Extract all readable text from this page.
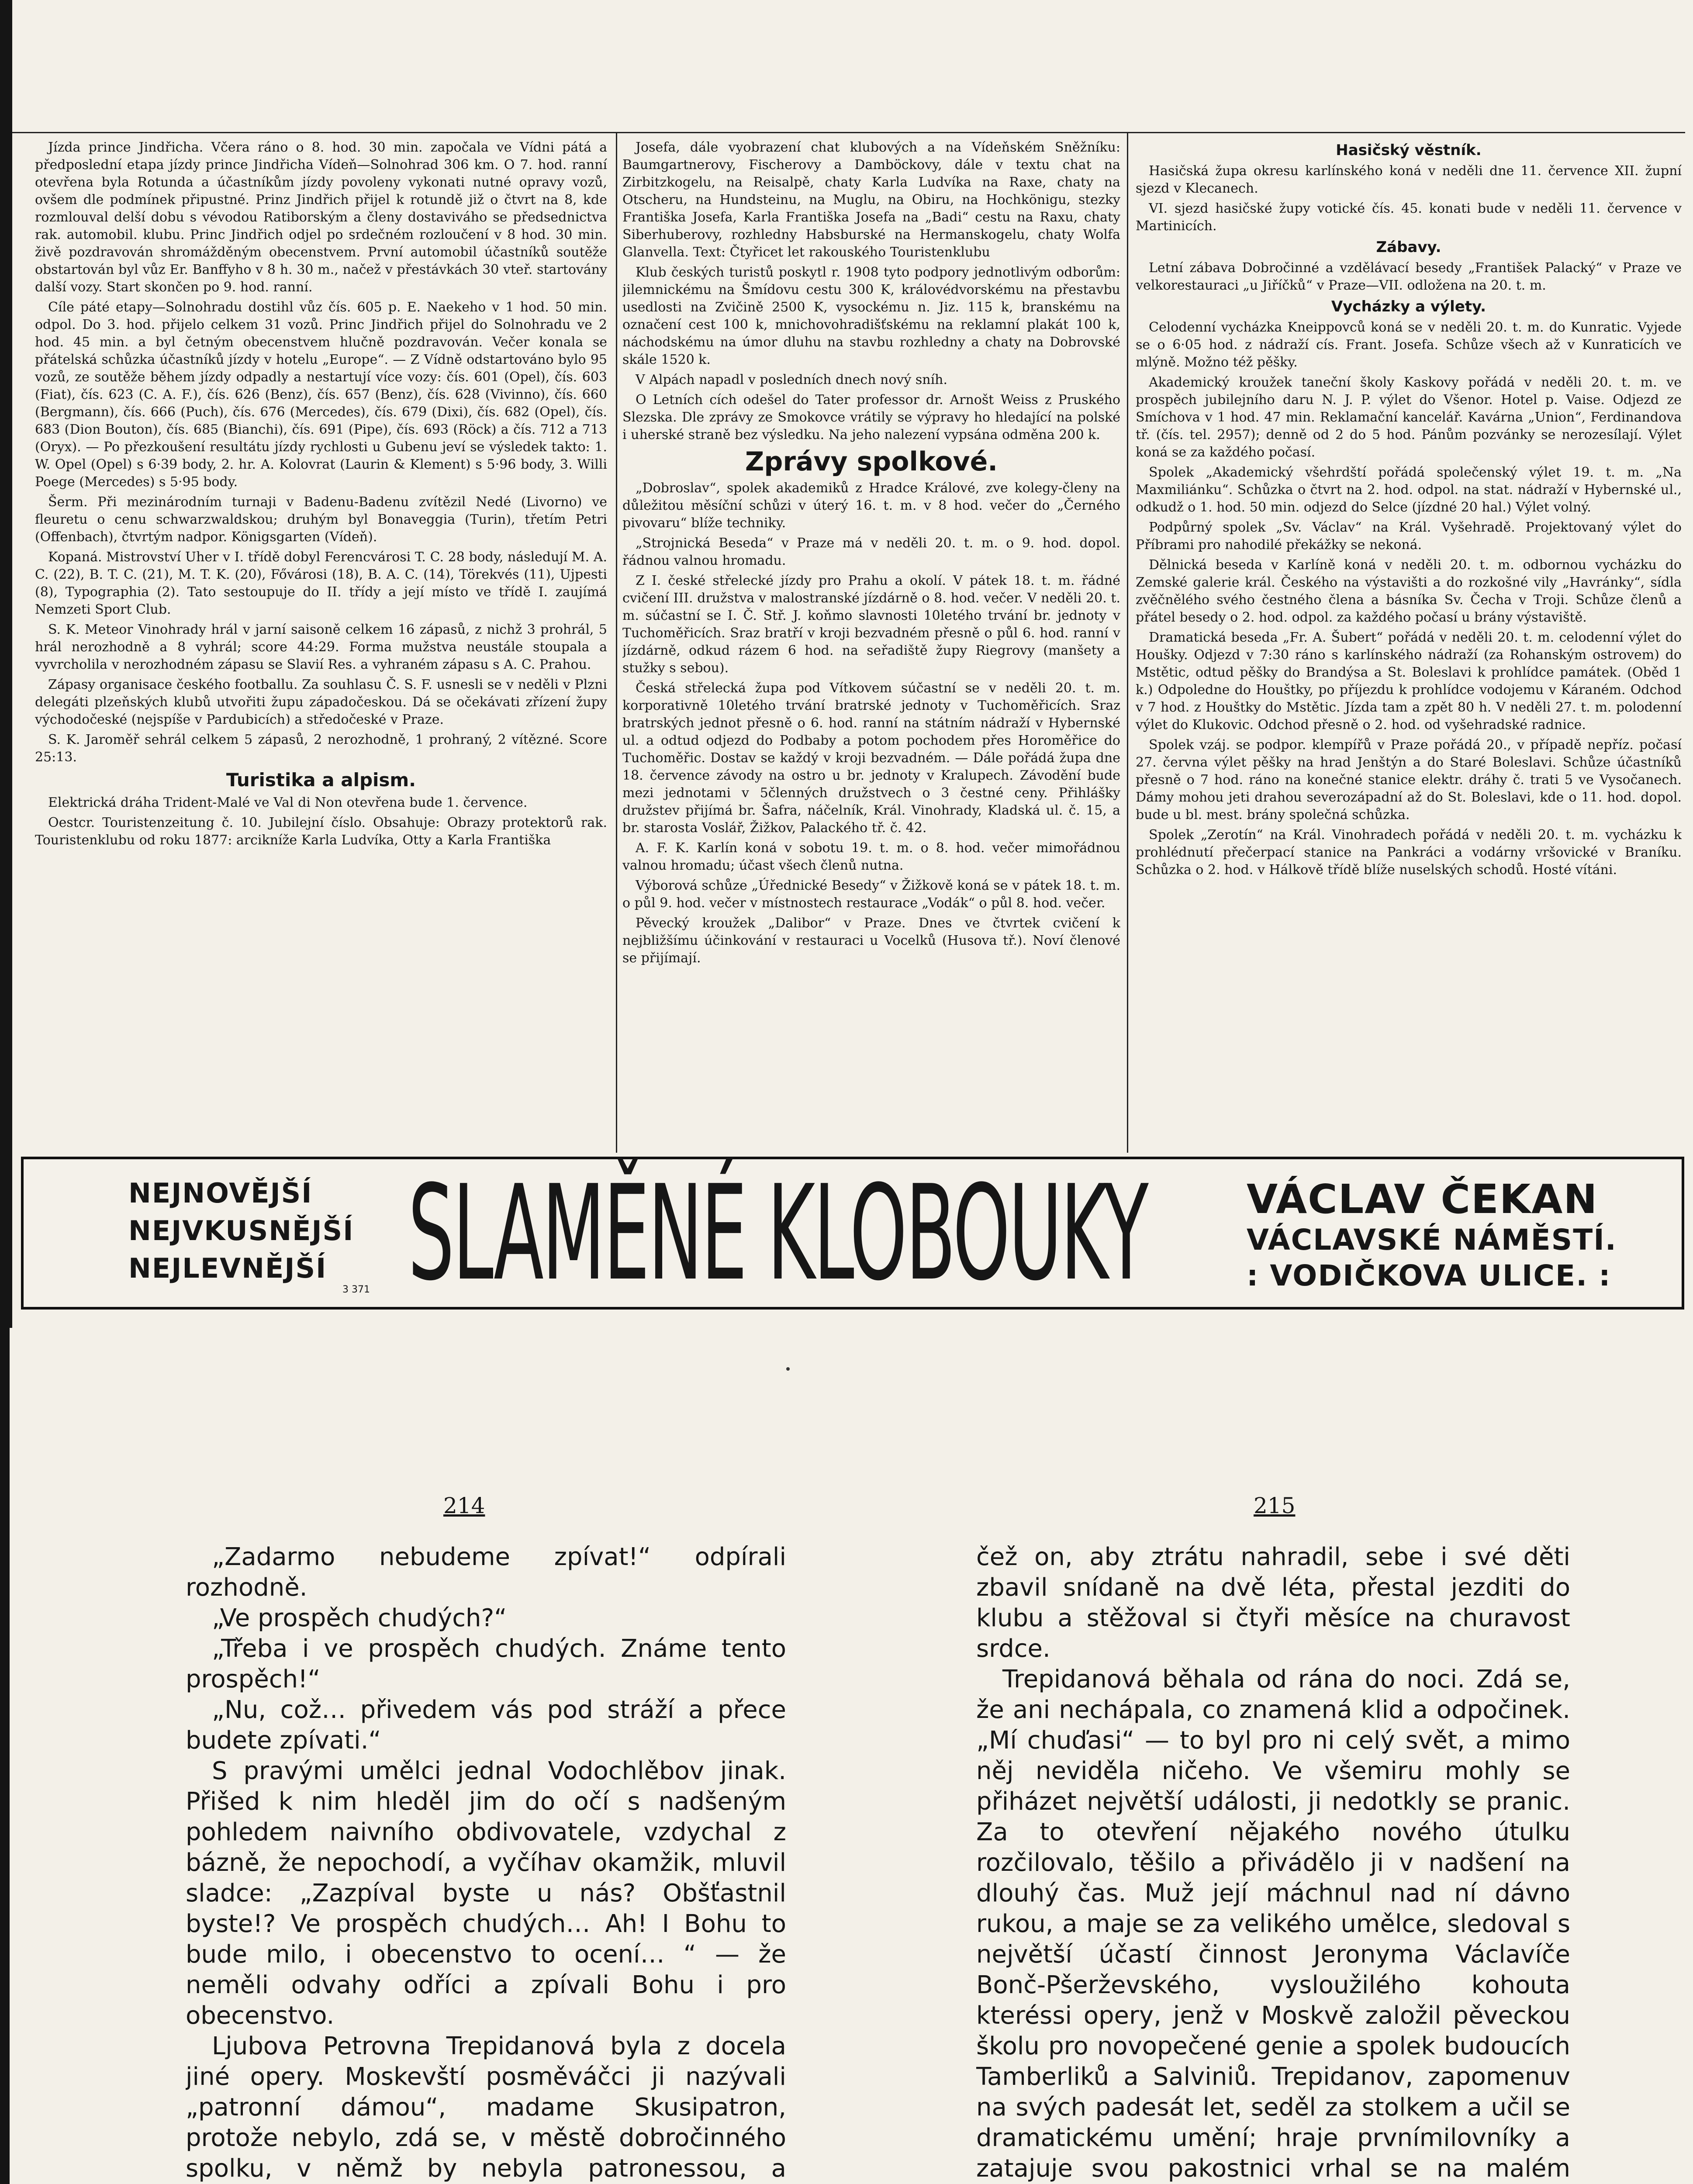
Jízda prince Jindřicha. Včera ráno o 8. hod. 30 min. započala ve Vídni pátá a předposlední etapa jízdy prince Jindřicha Vídeň—Solnohrad 306 km. O 7. hod. ranní otevřena byla Rotunda a účastníkům jízdy povoleny vykonati nutné opravy vozů, ovšem dle podmínek připustné. Prinz Jindřich přijel k rotundě již o čtvrt na 8, kde rozmlouval delší dobu s vévodou Ratiborským a členy dostaviváho se předsednictva rak. automobil. klubu. Princ Jindřich odjel po srdečném rozloučení v 8 hod. 30 min. živě pozdravován shromážděným obecenstvem. První automobil účastníků soutěže obstartován byl vůz Er. Banffyho v 8 h. 30 m., načež v přestávkách 30 vteř. startovány další vozy. Start skončen po 9. hod. ranní.

Cíle páté etapy—Solnohradu dostihl vůz čís. 605 p. E. Naekeho v 1 hod. 50 min. odpol. Do 3. hod. přijelo celkem 31 vozů. Princ Jindřich přijel do Solnohradu ve 2 hod. 45 min. a byl četným obecenstvem hlučně pozdravován. Večer konala se přátelská schůzka účastníků jízdy v hotelu „Europe“. — Z Vídně odstartováno bylo 95 vozů, ze soutěže během jízdy odpadly a nestartují více vozy: čís. 601 (Opel), čís. 603 (Fiat), čís. 623 (C. A. F.), čís. 626 (Benz), čís. 657 (Benz), čís. 628 (Vivinno), čís. 660 (Bergmann), čís. 666 (Puch), čís. 676 (Mercedes), čís. 679 (Dixi), čís. 682 (Opel), čís. 683 (Dion Bouton), čís. 685 (Bianchi), čís. 691 (Pipe), čís. 693 (Röck) a čís. 712 a 713 (Oryx). — Po přezkoušení resultátu jízdy rychlosti u Gubenu jeví se výsledek takto: 1. W. Opel (Opel) s 6·39 body, 2. hr. A. Kolovrat (Laurin & Klement) s 5·96 body, 3. Willi Poege (Mercedes) s 5·95 body.

Šerm. Při mezinárodním turnaji v Badenu-Badenu zvítězil Nedé (Livorno) ve fleuretu o cenu schwarzwaldskou; druhým byl Bonaveggia (Turin), třetím Petri (Offenbach), čtvrtým nadpor. Königsgarten (Vídeň).

Kopaná. Mistrovství Uher v I. třídě dobyl Ferencvárosi T. C. 28 body, následují M. A. C. (22), B. T. C. (21), M. T. K. (20), Fővárosi (18), B. A. C. (14), Törekvés (11), Ujpesti (8), Typographia (2). Tato sestoupuje do II. třídy a její místo ve třídě I. zaujímá Nemzeti Sport Club.

S. K. Meteor Vinohrady hrál v jarní saisoně celkem 16 zápasů, z nichž 3 prohrál, 5 hrál nerozhodně a 8 vyhrál; score 44:29. Forma mužstva neustále stoupala a vyvrcholila v nerozhodném zápasu se Slavií Res. a vyhraném zápasu s A. C. Prahou.

Zápasy organisace českého footballu. Za souhlasu Č. S. F. usnesli se v neděli v Plzni delegáti plzeňských klubů utvořiti župu západočeskou. Dá se očekávati zřízení župy východočeské (nejspíše v Pardubicích) a středočeské v Praze.

S. K. Jaroměř sehrál celkem 5 zápasů, 2 nerozhodně, 1 prohraný, 2 vítězné. Score 25:13.

Turistika a alpism.

Elektrická dráha Trident-Malé ve Val di Non otevřena bude 1. července.

Oestcr. Touristenzeitung č. 10. Jubilejní číslo. Obsahuje: Obrazy protektorů rak. Touristenklubu od roku 1877: arcikníže Karla Ludvíka, Otty a Karla Františka

Josefa, dále vyobrazení chat klubových a na Vídeňském Sněžníku: Baumgartnerovy, Fischerovy a Damböckovy, dále v textu chat na Zirbitzkogelu, na Reisalpě, chaty Karla Ludvíka na Raxe, chaty na Otscheru, na Hundsteinu, na Muglu, na Obiru, na Hochkönigu, stezky Františka Josefa, Karla Františka Josefa na „Badi“ cestu na Raxu, chaty Siberhuberovy, rozhledny Habsburské na Hermanskogelu, chaty Wolfa Glanvella. Text: Čtyřicet let rakouského Touristenklubu

Klub českých turistů poskytl r. 1908 tyto podpory jednotlivým odborům: jilemnickému na Šmídovu cestu 300 K, královédvorskému na přestavbu usedlosti na Zvičině 2500 K, vysockému n. Jiz. 115 k, branskému na označení cest 100 k, mnichovohradišťskému na reklamní plakát 100 k, náchodskému na úmor dluhu na stavbu rozhledny a chaty na Dobrovské skále 1520 k.

V Alpách napadl v posledních dnech nový sníh.

O Letních cích odešel do Tater professor dr. Arnošt Weiss z Pruského Slezska. Dle zprávy ze Smokovce vrátily se výpravy ho hledající na polské i uherské straně bez výsledku. Na jeho nalezení vypsána odměna 200 k.

Zprávy spolkové.

„Dobroslav“, spolek akademiků z Hradce Králové, zve kolegy-členy na důležitou měsíční schůzi v úterý 16. t. m. v 8 hod. večer do „Černého pivovaru“ blíže techniky.

„Strojnická Beseda“ v Praze má v neděli 20. t. m. o 9. hod. dopol. řádnou valnou hromadu.

Z I. české střelecké jízdy pro Prahu a okolí. V pátek 18. t. m. řádné cvičení III. družstva v malostranské jízdárně o 8. hod. večer. V neděli 20. t. m. súčastní se I. Č. Stř. J. koňmo slavnosti 10letého trvání br. jednoty v Tuchoměřicích. Sraz bratří v kroji bezvadném přesně o půl 6. hod. ranní v jízdárně, odkud rázem 6 hod. na seřadiště župy Riegrovy (manšety a stužky s sebou).

Česká střelecká župa pod Vítkovem súčastní se v neděli 20. t. m. korporativně 10letého trvání bratrské jednoty v Tuchoměřicích. Sraz bratrských jednot přesně o 6. hod. ranní na státním nádraží v Hybernské ul. a odtud odjezd do Podbaby a potom pochodem přes Horoměřice do Tuchoměřic. Dostav se každý v kroji bezvadném. — Dále pořádá župa dne 18. července závody na ostro u br. jednoty v Kralupech. Závodění bude mezi jednotami v 5členných družstvech o 3 čestné ceny. Přihlášky družstev přijímá br. Šafra, náčelník, Král. Vinohrady, Kladská ul. č. 15, a br. starosta Voslář, Žižkov, Palackého tř. č. 42.

A. F. K. Karlín koná v sobotu 19. t. m. o 8. hod. večer mimořádnou valnou hromadu; účast všech členů nutna.

Výborová schůze „Úřednické Besedy“ v Žižkově koná se v pátek 18. t. m. o půl 9. hod. večer v místnostech restaurace „Vodák“ o půl 8. hod. večer.

Pěvecký kroužek „Dalibor“ v Praze. Dnes ve čtvrtek cvičení k nejbližšímu účinkování v restauraci u Vocelků (Husova tř.). Noví členové se přijímají.

Hasičský věstník.

Hasičská župa okresu karlínského koná v neděli dne 11. července XII. župní sjezd v Klecanech.

VI. sjezd hasičské župy votické čís. 45. konati bude v neděli 11. července v Martinicích.

Zábavy.

Letní zábava Dobročinné a vzdělávací besedy „František Palacký“ v Praze ve velkorestauraci „u Jiříčků“ v Praze—VII. odložena na 20. t. m.

Vycházky a výlety.

Celodenní vycházka Kneippovců koná se v neděli 20. t. m. do Kunratic. Vyjede se o 6·05 hod. z nádraží cís. Frant. Josefa. Schůze všech až v Kunraticích ve mlýně. Možno též pěšky.

Akademický kroužek taneční školy Kaskovy pořádá v neděli 20. t. m. ve prospěch jubilejního daru N. J. P. výlet do Všenor. Hotel p. Vaise. Odjezd ze Smíchova v 1 hod. 47 min. Reklamační kancelář. Kavárna „Union“, Ferdinandova tř. (čís. tel. 2957); denně od 2 do 5 hod. Pánům pozvánky se nerozesílají. Výlet koná se za každého počasí.

Spolek „Akademický všehrdští pořádá společenský výlet 19. t. m. „Na Maxmiliánku“. Schůzka o čtvrt na 2. hod. odpol. na stat. nádraží v Hybernské ul., odkudž o 1. hod. 50 min. odjezd do Selce (jízdné 20 hal.) Výlet volný.

Podpůrný spolek „Sv. Václav“ na Král. Vyšehradě. Projektovaný výlet do Příbrami pro nahodilé překážky se nekoná.

Dělnická beseda v Karlíně koná v neděli 20. t. m. odbornou vycházku do Zemské galerie král. Českého na výstavišti a do rozkošné vily „Havránky“, sídla zvěčnělého svého čestného člena a básníka Sv. Čecha v Troji. Schůze členů a přátel besedy o 2. hod. odpol. za každého počasí u brány výstaviště.

Dramatická beseda „Fr. A. Šubert“ pořádá v neděli 20. t. m. celodenní výlet do Houšky. Odjezd v 7:30 ráno s karlínského nádraží (za Rohanským ostrovem) do Mstětic, odtud pěšky do Brandýsa a St. Boleslavi k prohlídce památek. (Oběd 1 k.) Odpoledne do Houštky, po příjezdu k prohlídce vodojemu v Káraném. Odchod v 7 hod. z Houštky do Mstětic. Jízda tam a zpět 80 h. V neděli 27. t. m. polodenní výlet do Klukovic. Odchod přesně o 2. hod. od vyšehradské radnice.

Spolek vzáj. se podpor. klempířů v Praze pořádá 20., v případě nepříz. počasí 27. června výlet pěšky na hrad Jenštýn a do Staré Boleslavi. Schůze účastníků přesně o 7 hod. ráno na konečné stanice elektr. dráhy č. trati 5 ve Vysočanech. Dámy mohou jeti drahou severozápadní až do St. Boleslavi, kde o 11. hod. dopol. bude u bl. mest. brány společná schůzka.

Spolek „Zerotín“ na Král. Vinohradech pořádá v neděli 20. t. m. vycházku k prohlédnutí přečerpací stanice na Pankráci a vodárny vršovické v Braníku. Schůzka o 2. hod. v Hálkově třídě blíže nuselských schodů. Hosté vítáni.

NEJNOVĚJŠÍ
NEJVKUSNĚJŠÍ
NEJLEVNĚJŠÍ
3 371 SLAMĚNÉ KLOBOUKY VÁCLAV ČEKAN
VÁCLAVSKÉ NÁMĚSTÍ.
: VODIČKOVA ULICE. :
214	215

„Zadarmo nebudeme zpívat!“ odpírali rozhodně.

„Ve prospěch chudých?“

„Třeba i ve prospěch chudých. Známe tento prospěch!“

„Nu, což… přivedem vás pod stráží a přece budete zpívati.“

S pravými umělci jednal Vodochlěbov jinak. Přišed k nim hleděl jim do očí s nadšeným pohledem naivního obdivovatele, vzdychal z bázně, že nepochodí, a vyčíhav okamžik, mluvil sladce: „Zazpíval byste u nás? Obšťastnil byste!? Ve prospěch chudých… Ah! I Bohu to bude milo, i obecenstvo to ocení… “ — že neměli odvahy odříci a zpívali Bohu i pro obecenstvo.

Ljubova Petrovna Trepidanová byla z docela jiné opery. Moskevští posměváčci ji nazývali „patronní dámou“, madame Skusipatron, protože nebylo, zdá se, v městě dobročinného spolku, v němž by nebyla patronessou, a

čež on, aby ztrátu nahradil, sebe i své děti zbavil snídaně na dvě léta, přestal jezditi do klubu a stěžoval si čtyři měsíce na churavost srdce.

Trepidanová běhala od rána do noci. Zdá se, že ani nechápala, co znamená klid a odpočinek. „Mí chuďasi“ — to byl pro ni celý svět, a mimo něj neviděla ničeho. Ve všemiru mohly se přiházet největší události, ji nedotkly se pranic. Za to otevření nějakého nového útulku rozčilovalo, těšilo a přivádělo ji v nadšení na dlouhý čas. Muž její máchnul nad ní dávno rukou, a maje se za velikého umělce, sledoval s největší účastí činnost Jeronyma Václavíče Bonč-Pšerževského, vysloužilého kohouta kteréssi opery, jenž v Moskvě založil pěveckou školu pro novopečené genie a spolek budoucích Tamberliků a Salviniů. Trepidanov, zapomenuv na svých padesát let, seděl za stolkem a učil se dramatickému umění; hraje prvnímilovníky a zatajuje svou pakostnici vrhal se na malém
